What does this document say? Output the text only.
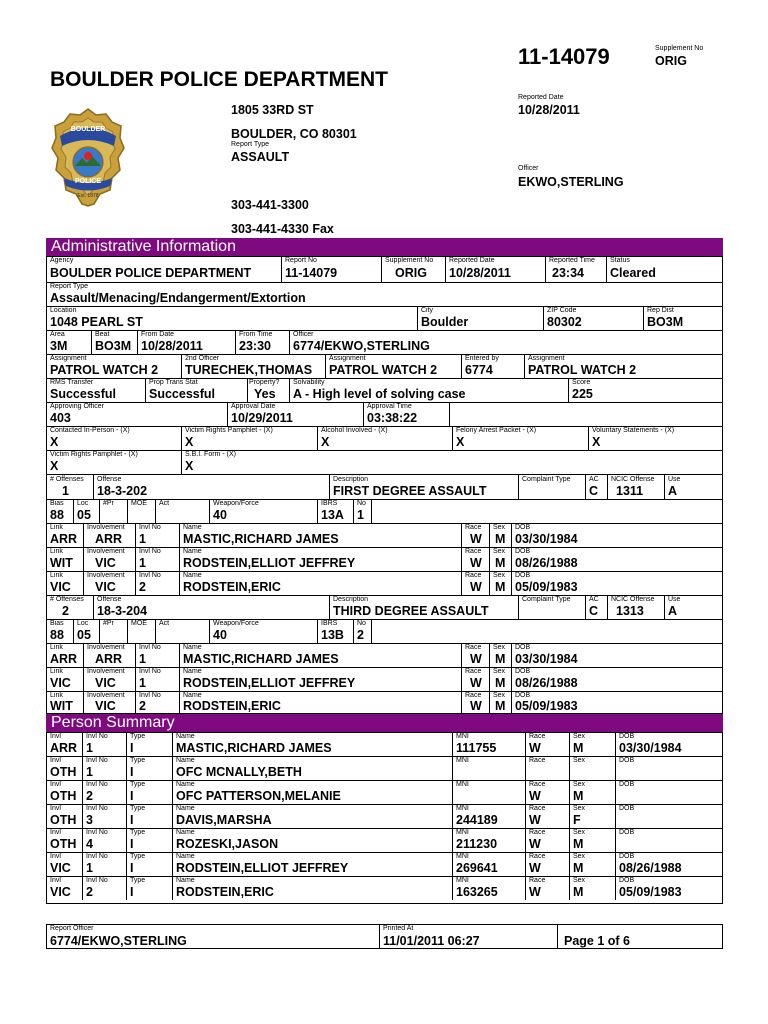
11-14079	Supplement No
ORIG
BOULDER POLICE DEPARTMENT
BOULDER
POLICE
Est. 1878
1805 33RD ST
BOULDER, CO 80301
Report Type
ASSAULT
303-441-3300
303-441-4330 Fax
Reported Date
10/28/2011
Officer
EKWO,STERLING
Administrative Information
Agency
BOULDER POLICE DEPARTMENT
Report No
11-14079
Supplement No
ORIG
Reported Date
10/28/2011
Reported Time
23:34
Status
Cleared
Report Type
Assault/Menacing/Endangerment/Extortion
Location
1048 PEARL ST
City
Boulder
ZIP Code
80302
Rep Dist
BO3M
Area
3M
Beat
BO3M
From Date
10/28/2011
From Time
23:30
Officer
6774/EKWO,STERLING
Assignment
PATROL WATCH 2
2nd Officer
TURECHEK,THOMAS
Assignment
PATROL WATCH 2
Entered by
6774
Assignment
PATROL WATCH 2
RMS Transfer
Successful
Prop Trans Stat
Successful
Property?
Yes
Solvability
A - High level of solving case
Score
225
Approving Officer
403
Approval Date
10/29/2011
Approval Time
03:38:22
Contacted In-Person - (X)
X
Victim Rights Pamphlet - (X)
X
Alcohol Involved - (X)
X
Felony Arrest Packet - (X)
X
Voluntary Statements - (X)
X
Victim Rights Pamphlet - (X)
X
S.B.I. Form - (X)
X
# Offenses
1
Offense
18-3-202
Description
FIRST DEGREE ASSAULT
Complaint Type	AC
C
NCIC Offense
1311
Use
A
Bias
88
Loc
05
#Pr MOE Act	Weapon/Force
40
IBRS
13A
No
1
Link
ARR
Involvement
ARR
Invl No
1
Name
MASTIC,RICHARD JAMES
Race
W
Sex
M
DOB
03/30/1984
Link
WIT
Involvement
VIC
Invl No
1
Name
RODSTEIN,ELLIOT JEFFREY
Race
W
Sex
M
DOB
08/26/1988
Link
VIC
Involvement
VIC
Invl No
2
Name
RODSTEIN,ERIC
Race
W
Sex
M
DOB
05/09/1983
# Offenses
2
Offense
18-3-204
Description
THIRD DEGREE ASSAULT
Complaint Type	AC
C
NCIC Offense
1313
Use
A
Bias
88
Loc
05
#Pr MOE Act	Weapon/Force
40
IBRS
13B
No
2
Link
ARR
Involvement
ARR
Invl No
1
Name
MASTIC,RICHARD JAMES
Race
W
Sex
M
DOB
03/30/1984
Link
VIC
Involvement
VIC
Invl No
1
Name
RODSTEIN,ELLIOT JEFFREY
Race
W
Sex
M
DOB
08/26/1988
Link
WIT
Involvement
VIC
Invl No
2
Name
RODSTEIN,ERIC
Race
W
Sex
M
DOB
05/09/1983
Person Summary
Invl
ARR
Invl No
1
Type
I
Name
MASTIC,RICHARD JAMES
MNI
111755
Race
W
Sex
M
DOB
03/30/1984
Invl
OTH
Invl No
1
Type
I
Name
OFC MCNALLY,BETH
MNI	Race	Sex	DOB
Invl
OTH
Invl No
2
Type
I
Name
OFC PATTERSON,MELANIE
MNI	Race
W
Sex
M
DOB
Invl
OTH
Invl No
3
Type
I
Name
DAVIS,MARSHA
MNI
244189
Race
W
Sex
F
DOB
Invl
OTH
Invl No
4
Type
I
Name
ROZESKI,JASON
MNI
211230
Race
W
Sex
M
DOB
Invl
VIC
Invl No
1
Type
I
Name
RODSTEIN,ELLIOT JEFFREY
MNI
269641
Race
W
Sex
M
DOB
08/26/1988
Invl
VIC
Invl No
2
Type
I
Name
RODSTEIN,ERIC
MNI
163265
Race
W
Sex
M
DOB
05/09/1983
Report Officer
6774/EKWO,STERLING
Printed At
11/01/2011 06:27	Page 1 of 6
